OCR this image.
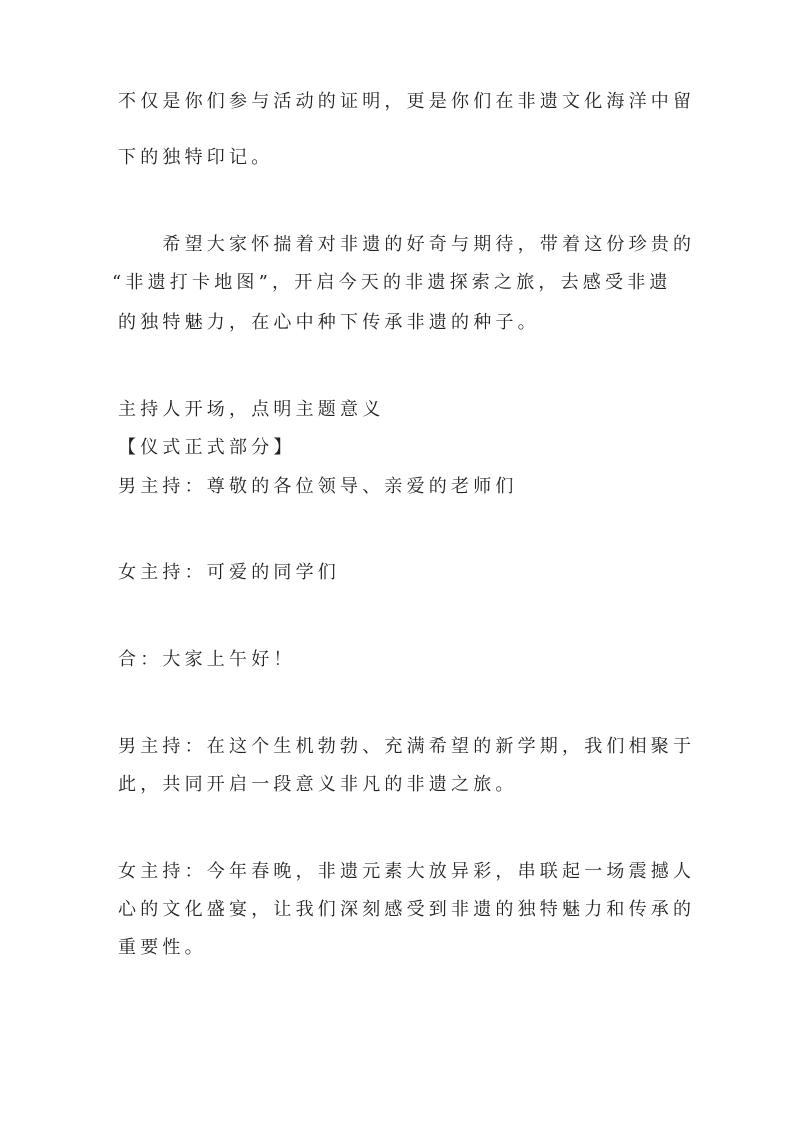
不仅是你们参与活动的证明，更是你们在非遗文化海洋中留
下的独特印记。
　　希望大家怀揣着对非遗的好奇与期待，带着这份珍贵的
“非遗打卡地图”，开启今天的非遗探索之旅，去感受非遗
的独特魅力，在心中种下传承非遗的种子。
主持人开场，点明主题意义
【仪式正式部分】
男主持：尊敬的各位领导、亲爱的老师们
女主持：可爱的同学们
合：大家上午好！
男主持：在这个生机勃勃、充满希望的新学期，我们相聚于
此，共同开启一段意义非凡的非遗之旅。
女主持：今年春晚，非遗元素大放异彩，串联起一场震撼人
心的文化盛宴，让我们深刻感受到非遗的独特魅力和传承的
重要性。
